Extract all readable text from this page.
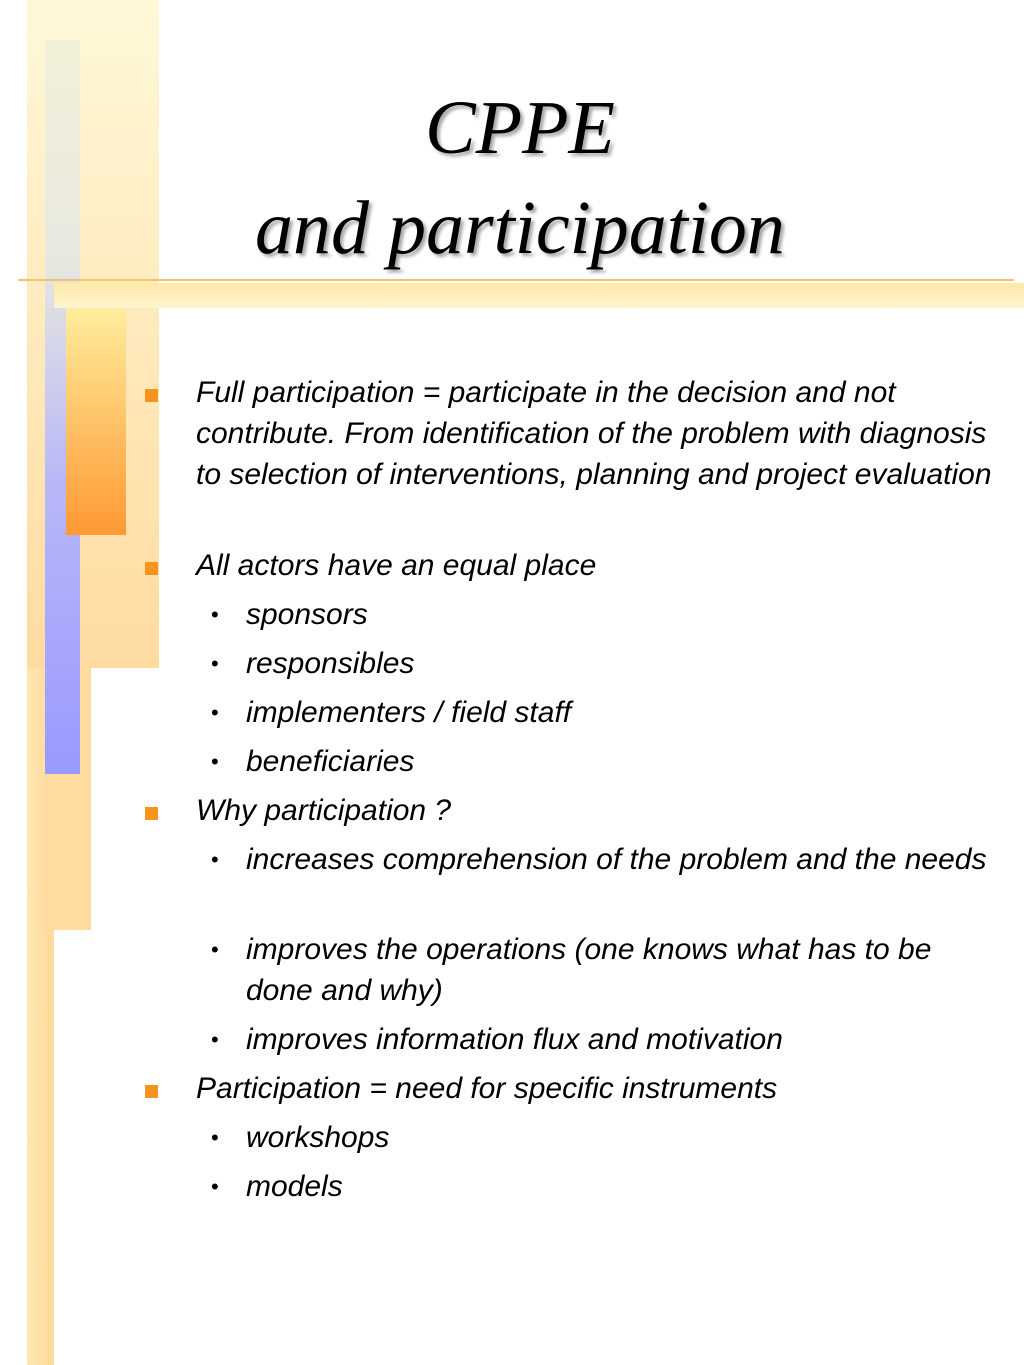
CPPE
and participation
Full participation = participate in the decision and not contribute. From identification of the problem with diagnosis to selection of interventions, planning and project evaluation
All actors have an equal place
• sponsors
• responsibles
• implementers / field staff
• beneficiaries
Why participation ?
• increases comprehension of the problem and the needs
• improves the operations (one knows what has to be done and why)
• improves information flux and motivation
Participation = need for specific instruments
• workshops
• models
